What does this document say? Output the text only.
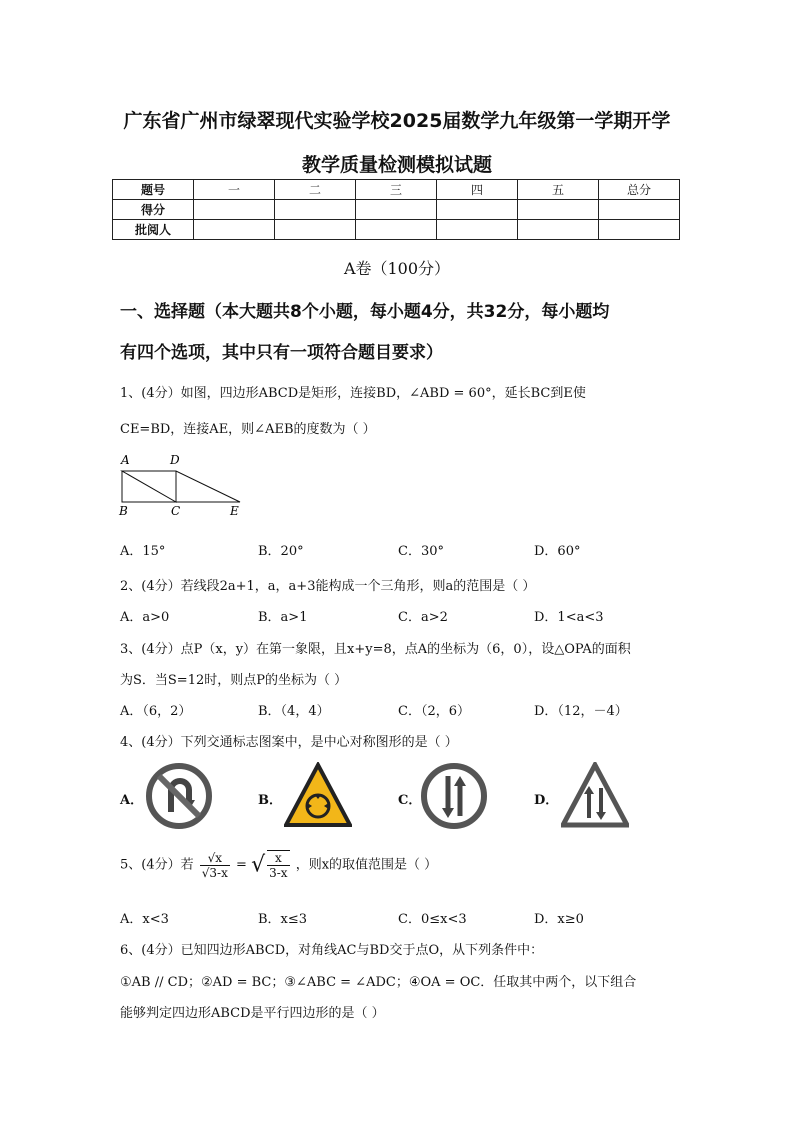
广东省广州市绿翠现代实验学校2025届数学九年级第一学期开学
教学质量检测模拟试题
题号	一	二	三	四	五	总分
得分						
批阅人						
A卷（100分）
一、选择题（本大题共8个小题，每小题4分，共32分，每小题均
有四个选项，其中只有一项符合题目要求）
1、(4分）如图，四边形ABCD是矩形，连接BD，∠ABD = 60°，延长BC到E使
CE=BD，连接AE，则∠AEB的度数为（ ）
A	D
B	C	E
A．15°	B．20°	C．30°	D．60°
2、(4分）若线段2a+1，a，a+3能构成一个三角形，则a的范围是（ ）
A．a>0	B．a>1	C．a>2	D．1<a<3
3、(4分）点P（x，y）在第一象限，且x+y=8，点A的坐标为（6，0），设△OPA的面积
为S．当S=12时，则点P的坐标为（ ）
A．（6，2）	B．（4，4）	C．（2，6）	D．（12，－4）
4、(4分）下列交通标志图案中，是中心对称图形的是（ ）
A．	B．	C．	D．
5、(4分）若 $\frac{√x}{√3-x}$ = √ $\frac{x}{3-x}$ ，则x的取值范围是（ ）
A．x<3	B．x≤3	C．0≤x<3	D．x≥0
6、(4分）已知四边形ABCD，对角线AC与BD交于点O，从下列条件中：
①AB // CD；②AD = BC；③∠ABC = ∠ADC；④OA = OC．任取其中两个，以下组合
能够判定四边形ABCD是平行四边形的是（ ）
